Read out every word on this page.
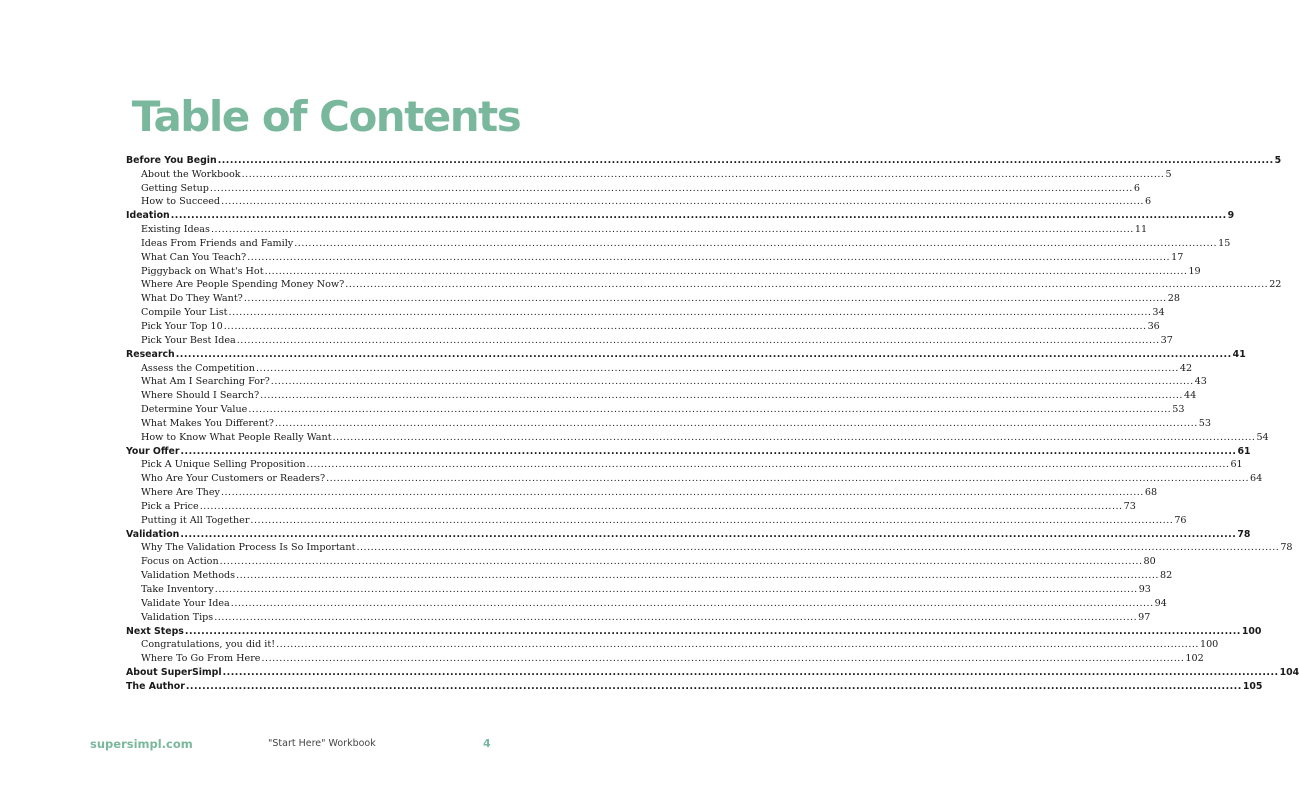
Table of Contents
Before You Begin .................................................................................................................................................................................................................................................................... 5
About the Workbook .................................................................................................................................................................................................................................................................... 5
Getting Setup .................................................................................................................................................................................................................................................................... 6
How to Succeed .................................................................................................................................................................................................................................................................... 6
Ideation .................................................................................................................................................................................................................................................................... 9
Existing Ideas .................................................................................................................................................................................................................................................................... 11
Ideas From Friends and Family .................................................................................................................................................................................................................................................................... 15
What Can You Teach? .................................................................................................................................................................................................................................................................... 17
Piggyback on What's Hot .................................................................................................................................................................................................................................................................... 19
Where Are People Spending Money Now? .................................................................................................................................................................................................................................................................... 22
What Do They Want? .................................................................................................................................................................................................................................................................... 28
Compile Your List .................................................................................................................................................................................................................................................................... 34
Pick Your Top 10 .................................................................................................................................................................................................................................................................... 36
Pick Your Best Idea .................................................................................................................................................................................................................................................................... 37
Research .................................................................................................................................................................................................................................................................... 41
Assess the Competition .................................................................................................................................................................................................................................................................... 42
What Am I Searching For? .................................................................................................................................................................................................................................................................... 43
Where Should I Search? .................................................................................................................................................................................................................................................................... 44
Determine Your Value .................................................................................................................................................................................................................................................................... 53
What Makes You Different? .................................................................................................................................................................................................................................................................... 53
How to Know What People Really Want .................................................................................................................................................................................................................................................................... 54
Your Offer .................................................................................................................................................................................................................................................................... 61
Pick A Unique Selling Proposition .................................................................................................................................................................................................................................................................... 61
Who Are Your Customers or Readers? .................................................................................................................................................................................................................................................................... 64
Where Are They .................................................................................................................................................................................................................................................................... 68
Pick a Price .................................................................................................................................................................................................................................................................... 73
Putting it All Together .................................................................................................................................................................................................................................................................... 76
Validation .................................................................................................................................................................................................................................................................... 78
Why The Validation Process Is So Important .................................................................................................................................................................................................................................................................... 78
Focus on Action .................................................................................................................................................................................................................................................................... 80
Validation Methods .................................................................................................................................................................................................................................................................... 82
Take Inventory .................................................................................................................................................................................................................................................................... 93
Validate Your Idea .................................................................................................................................................................................................................................................................... 94
Validation Tips .................................................................................................................................................................................................................................................................... 97
Next Steps .................................................................................................................................................................................................................................................................... 100
Congratulations, you did it! .................................................................................................................................................................................................................................................................... 100
Where To Go From Here .................................................................................................................................................................................................................................................................... 102
About SuperSimpl .................................................................................................................................................................................................................................................................... 104
The Author .................................................................................................................................................................................................................................................................... 105
supersimpl.com	"Start Here" Workbook	4
